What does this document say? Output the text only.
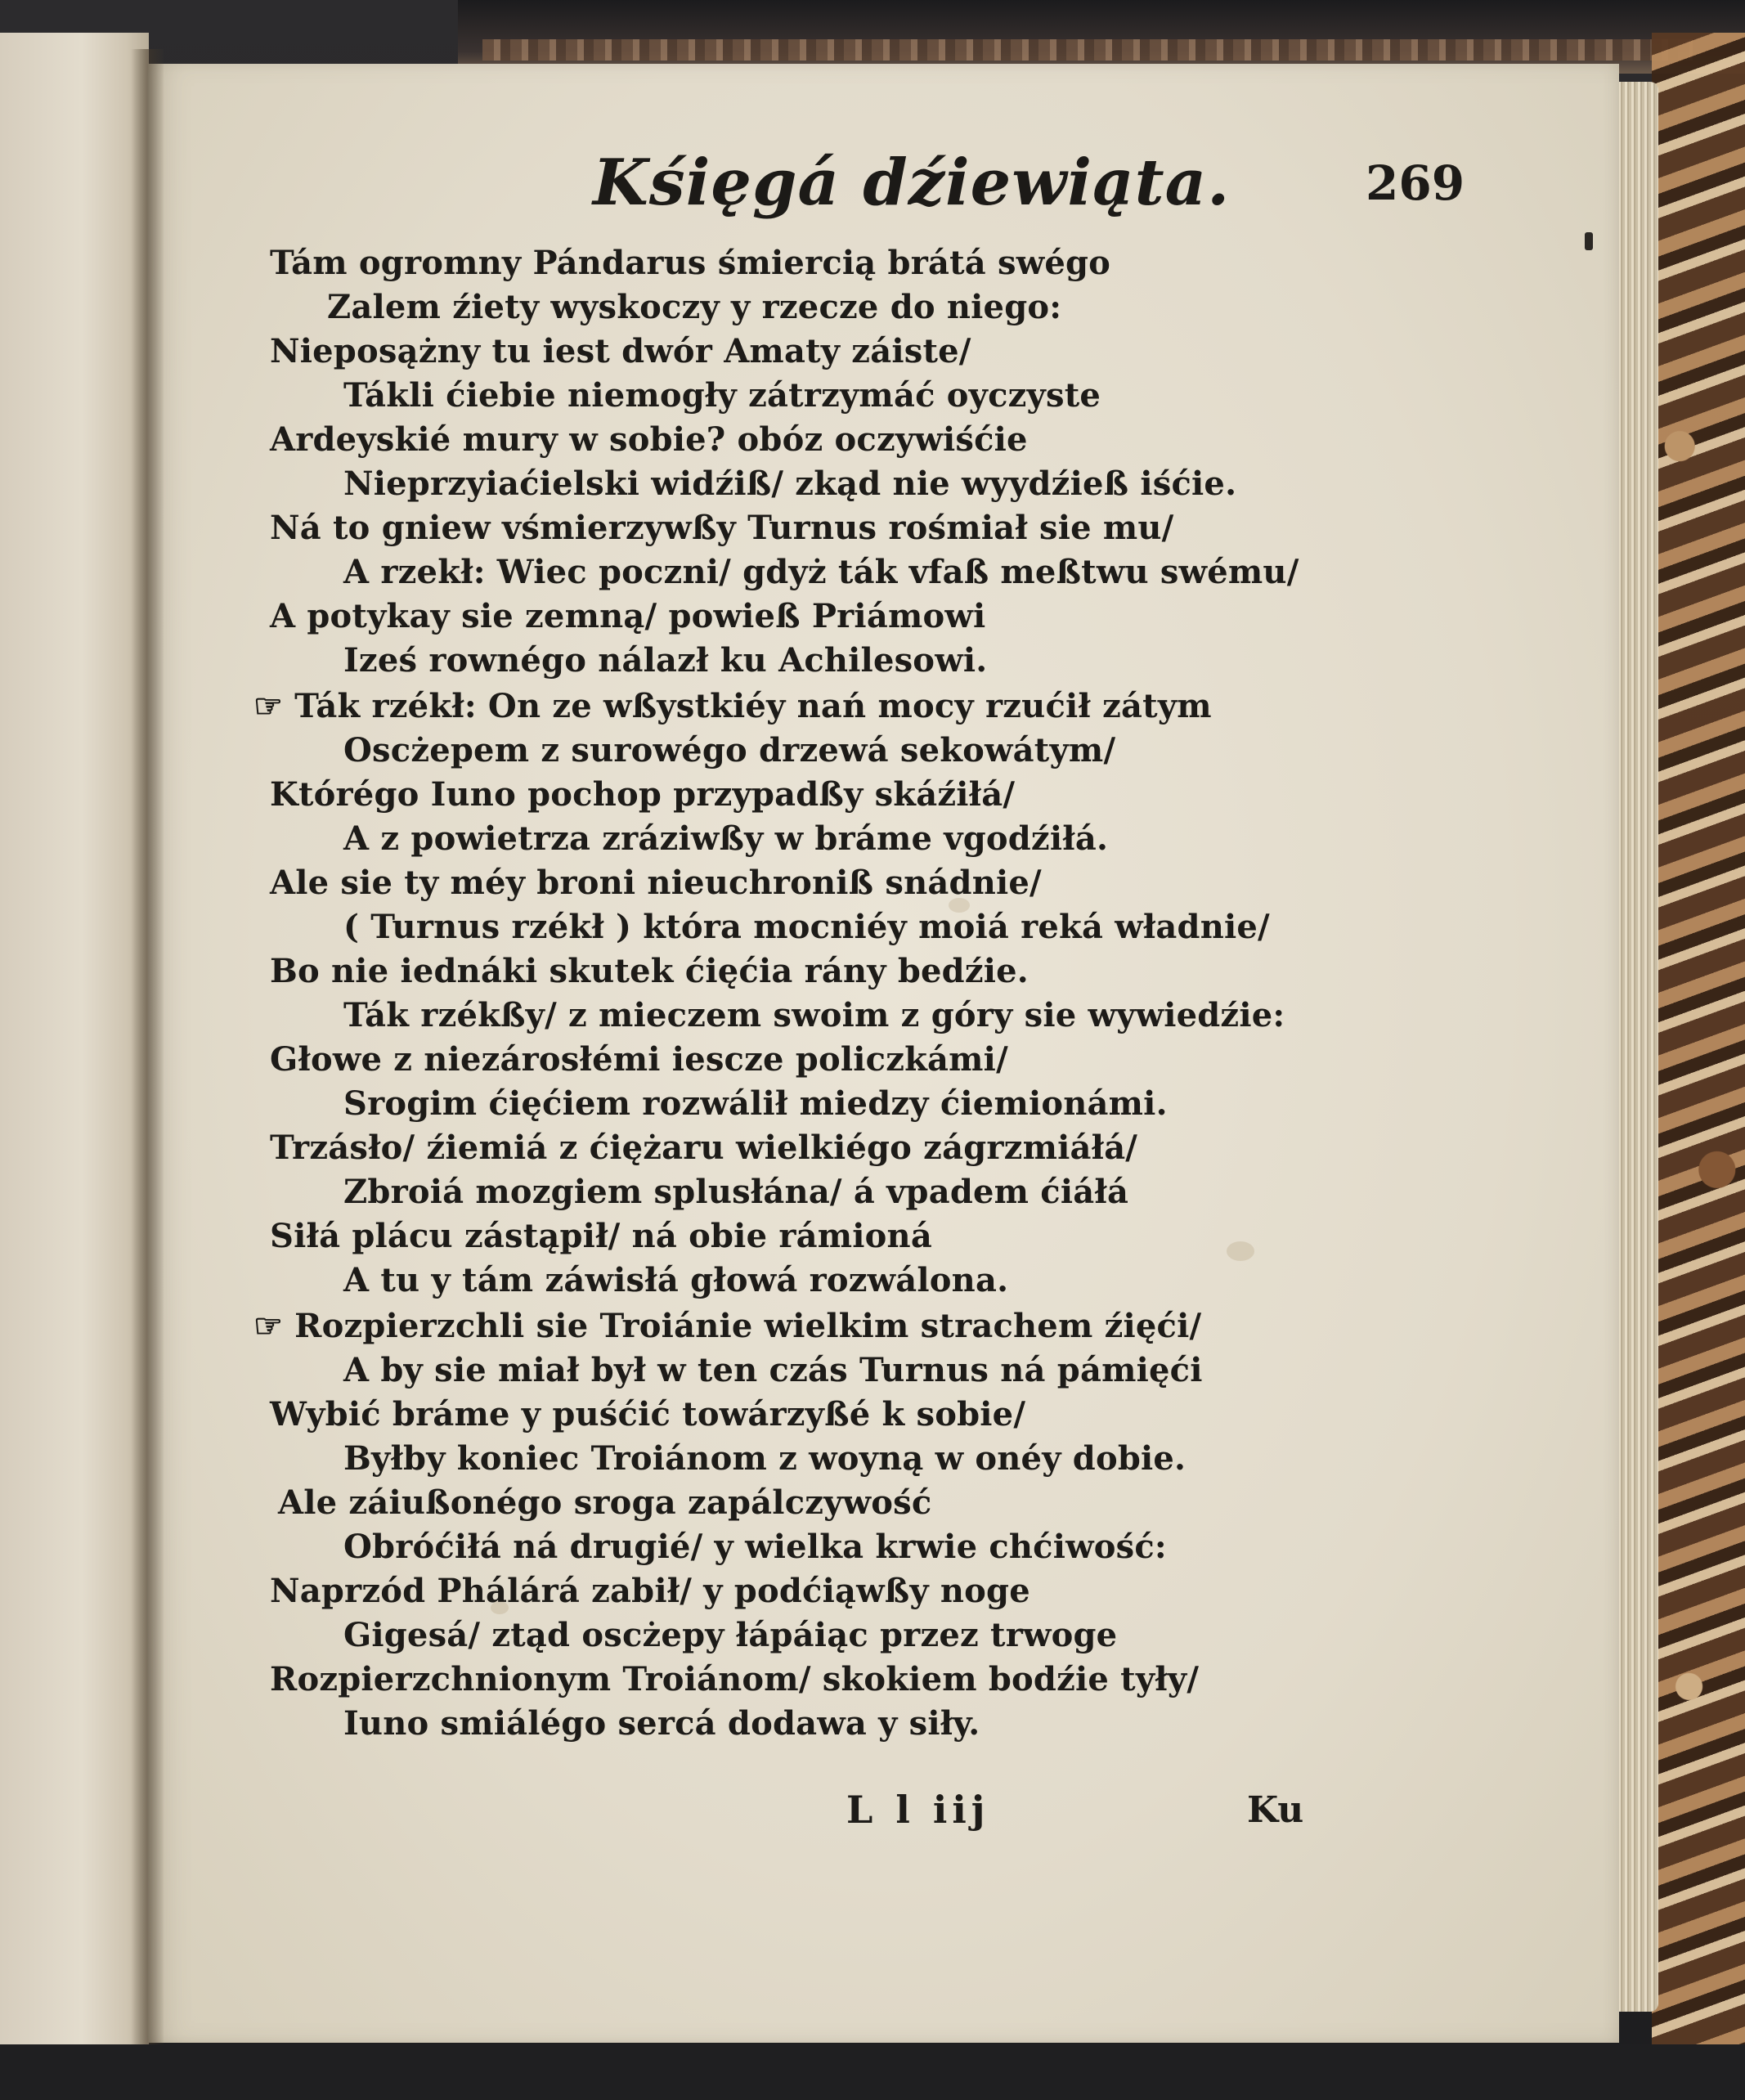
Kśięgá dźiewiąta.	269
Tám ogromny Pándarus śmiercią brátá swégo
Zalem źiety wyskoczy y rzecze do niego:
Nieposążny tu iest dwór Amaty záiste/
Tákli ćiebie niemogły zátrzymáć oyczyste
Ardeyskié mury w sobie? obóz oczywiśćie
Nieprzyiaćielski widźiß/ zkąd nie wyydźieß iśćie.
Ná to gniew vśmierzywßy Turnus rośmiał sie mu/
A rzekł: Wiec poczni/ gdyż ták vfaß meßtwu swému/
A potykay sie zemną/ powieß Priámowi
Iześ rownégo nálazł ku Achilesowi.
☞ Ták rzékł: On ze wßystkiéy nań mocy rzućił zátym
Oscżepem z surowégo drzewá sekowátym/
Którégo Iuno pochop przypadßy skáźiłá/
A z powietrza zráziwßy w bráme vgodźiłá.
Ale sie ty méy broni nieuchroniß snádnie/
( Turnus rzékł ) która mocniéy moiá reká władnie/
Bo nie iednáki skutek ćięćia rány bedźie.
Ták rzékßy/ z mieczem swoim z góry sie wywiedźie:
Głowe z niezárosłémi iescze policzkámi/
Srogim ćięćiem rozwálił miedzy ćiemionámi.
Trzásło/ źiemiá z ćiężaru wielkiégo zágrzmiáłá/
Zbroiá mozgiem splusłána/ á vpadem ćiáłá
Siłá plácu zástąpił/ ná obie rámioná
A tu y tám záwisłá głowá rozwálona.
☞ Rozpierzchli sie Troiánie wielkim strachem źięći/
A by sie miał był w ten czás Turnus ná pámięći
Wybić bráme y puśćić towárzyßé k sobie/
Byłby koniec Troiánom z woyną w onéy dobie.
Ale záiußonégo sroga zapálczywość
Obróćiłá ná drugié/ y wielka krwie chćiwość:
Naprzód Phálárá zabił/ y podćiąwßy noge
Gigesá/ ztąd oscżepy łápáiąc przez trwoge
Rozpierzchnionym Troiánom/ skokiem bodźie tyły/
Iuno smiálégo sercá dodawa y siły.
L l iij	Ku
